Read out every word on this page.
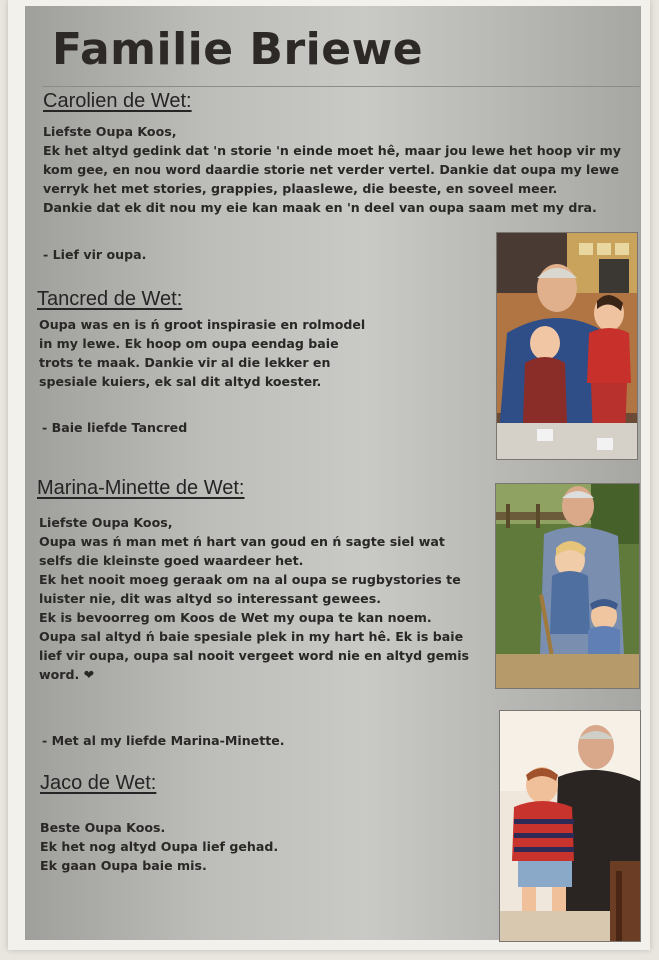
Familie Briewe
Carolien de Wet:
Liefste Oupa Koos,
Ek het altyd gedink dat 'n storie 'n einde moet hê, maar jou lewe het hoop vir my
kom gee, en nou word daardie storie net verder vertel. Dankie dat oupa my lewe
verryk het met stories, grappies, plaaslewe, die beeste, en soveel meer.
Dankie dat ek dit nou my eie kan maak en 'n deel van oupa saam met my dra.

- Lief vir oupa.

Tancred de Wet:
Oupa was en is ń groot inspirasie en rolmodel
in my lewe. Ek hoop om oupa eendag baie
trots te maak. Dankie vir al die lekker en
spesiale kuiers, ek sal dit altyd koester.

- Baie liefde Tancred

Marina-Minette de Wet:
Liefste Oupa Koos,
Oupa was ń man met ń hart van goud en ń sagte siel wat
selfs die kleinste goed waardeer het.
Ek het nooit moeg geraak om na al oupa se rugbystories te
luister nie, dit was altyd so interessant gewees.
Ek is bevoorreg om Koos de Wet my oupa te kan noem.
Oupa sal altyd ń baie spesiale plek in my hart hê. Ek is baie
lief vir oupa, oupa sal nooit vergeet word nie en altyd gemis
word. ❤

- Met al my liefde Marina-Minette.

Jaco de Wet:
Beste Oupa Koos.
Ek het nog altyd Oupa lief gehad.
Ek gaan Oupa baie mis.
